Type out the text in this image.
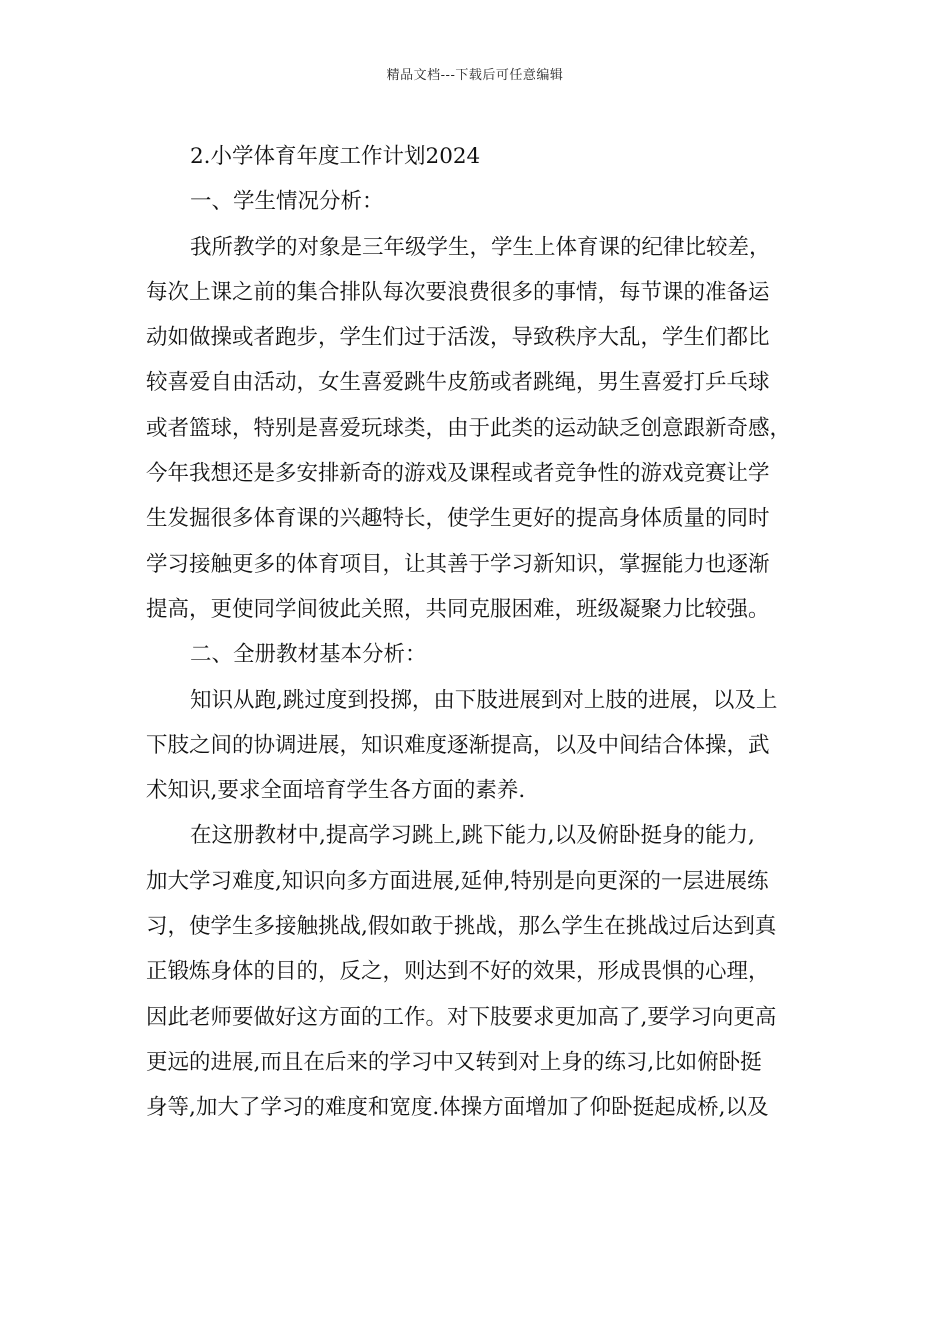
精品文档---下载后可任意编辑
2.小学体育年度工作计划2024
一、学生情况分析：
我所教学的对象是三年级学生，学生上体育课的纪律比较差，
每次上课之前的集合排队每次要浪费很多的事情，每节课的准备运
动如做操或者跑步，学生们过于活泼，导致秩序大乱，学生们都比
较喜爱自由活动，女生喜爱跳牛皮筋或者跳绳，男生喜爱打乒乓球
或者篮球，特别是喜爱玩球类，由于此类的运动缺乏创意跟新奇感，
今年我想还是多安排新奇的游戏及课程或者竞争性的游戏竞赛让学
生发掘很多体育课的兴趣特长，使学生更好的提高身体质量的同时
学习接触更多的体育项目，让其善于学习新知识，掌握能力也逐渐
提高，更使同学间彼此关照，共同克服困难，班级凝聚力比较强。
二、全册教材基本分析：
知识从跑,跳过度到投掷，由下肢进展到对上肢的进展，以及上
下肢之间的协调进展，知识难度逐渐提高，以及中间结合体操，武
术知识,要求全面培育学生各方面的素养.
在这册教材中,提高学习跳上,跳下能力,以及俯卧挺身的能力,
加大学习难度,知识向多方面进展,延伸,特别是向更深的一层进展练
习，使学生多接触挑战,假如敢于挑战，那么学生在挑战过后达到真
正锻炼身体的目的，反之，则达到不好的效果，形成畏惧的心理，
因此老师要做好这方面的工作。对下肢要求更加高了,要学习向更高
更远的进展,而且在后来的学习中又转到对上身的练习,比如俯卧挺
身等,加大了学习的难度和宽度.体操方面增加了仰卧挺起成桥,以及
